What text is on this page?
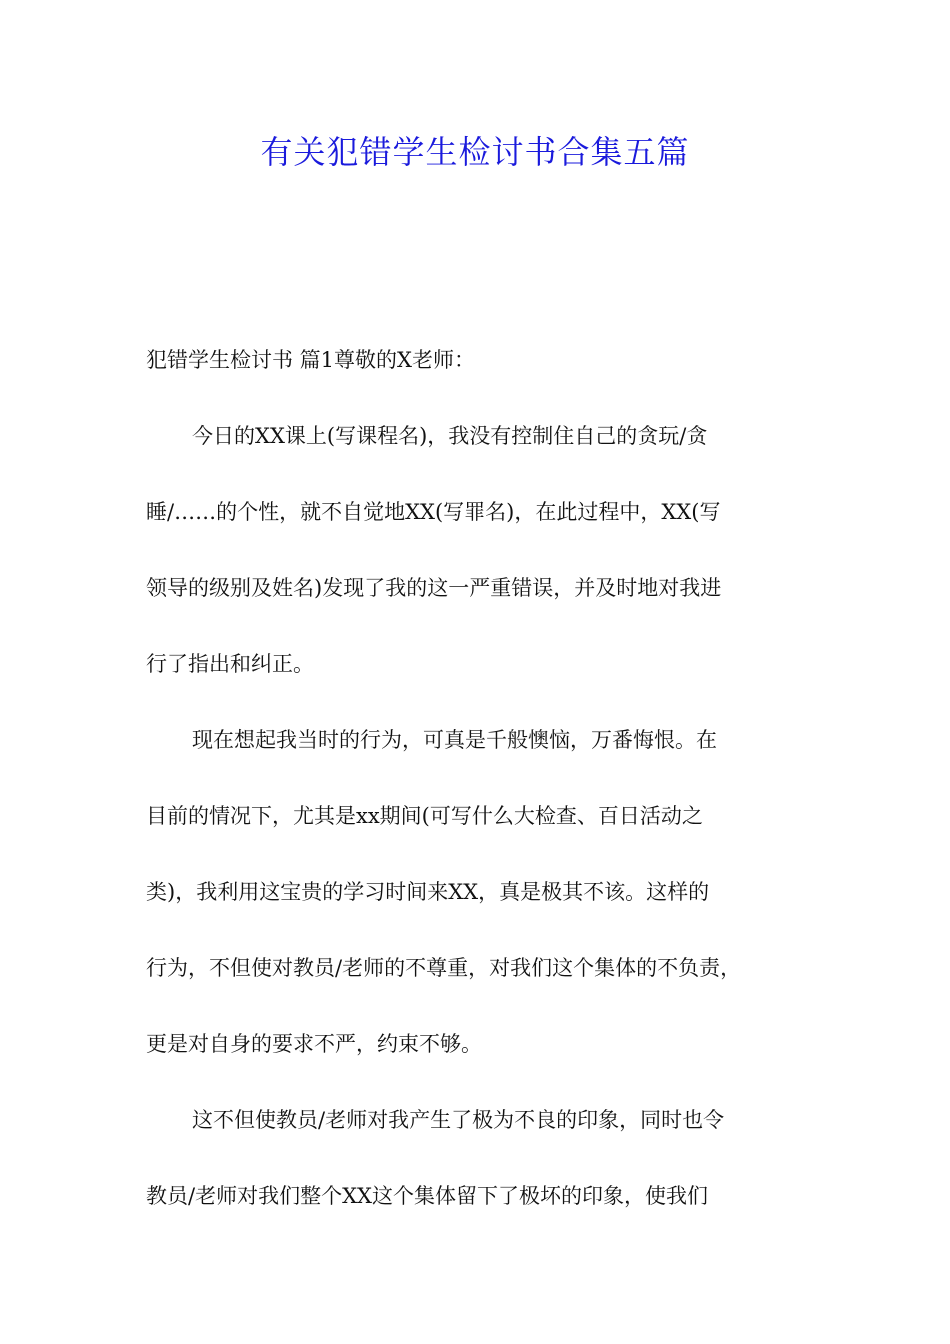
有关犯错学生检讨书合集五篇
犯错学生检讨书 篇1尊敬的X老师：
今日的XX课上(写课程名)，我没有控制住自己的贪玩/贪
睡/……的个性，就不自觉地XX(写罪名)，在此过程中，XX(写
领导的级别及姓名)发现了我的这一严重错误，并及时地对我进
行了指出和纠正。
现在想起我当时的行为，可真是千般懊恼，万番悔恨。在
目前的情况下，尤其是xx期间(可写什么大检查、百日活动之
类)，我利用这宝贵的学习时间来XX，真是极其不该。这样的
行为，不但使对教员/老师的不尊重，对我们这个集体的不负责，
更是对自身的要求不严，约束不够。
这不但使教员/老师对我产生了极为不良的印象，同时也令
教员/老师对我们整个XX这个集体留下了极坏的印象，使我们
